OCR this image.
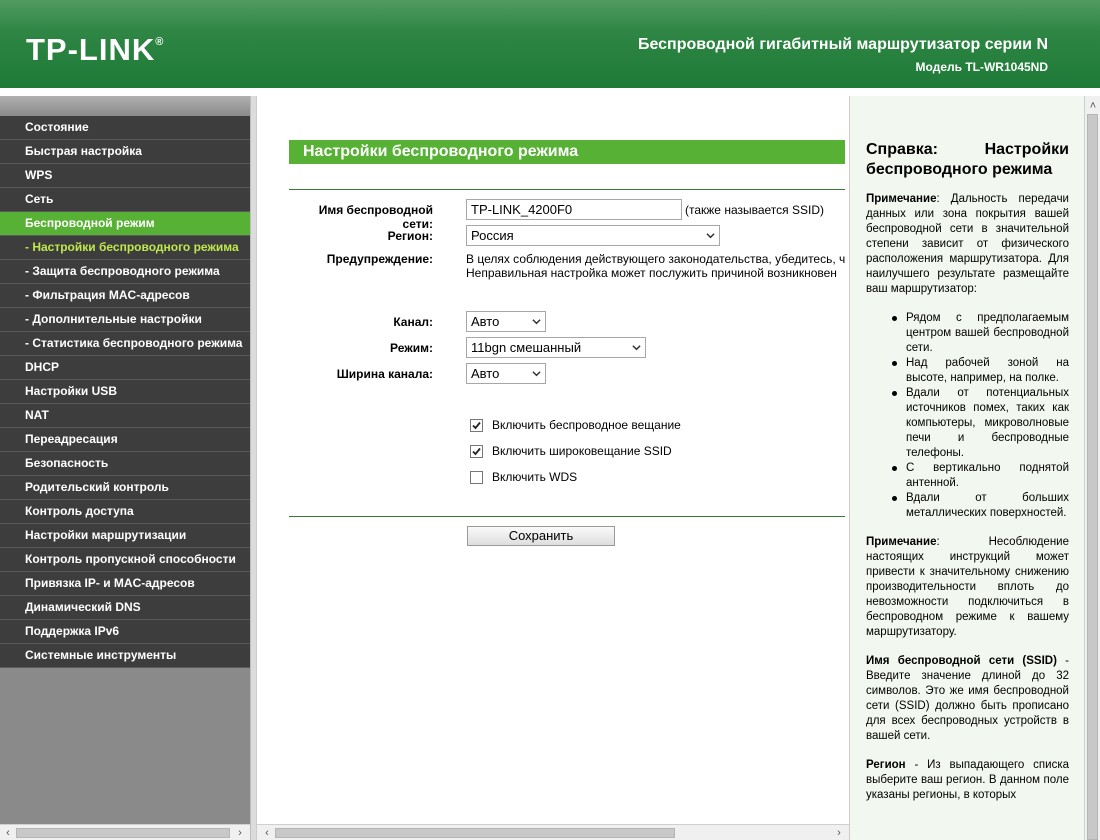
TP-LINK®	Беспроводной гигабитный маршрутизатор серии N
Модель TL-WR1045ND
Состояние
Быстрая настройка
WPS
Сеть
Беспроводной режим
- Настройки беспроводного режима
- Защита беспроводного режима
- Фильтрация MAC-адресов
- Дополнительные настройки
- Статистика беспроводного режима
DHCP
Настройки USB
NAT
Переадресация
Безопасность
Родительский контроль
Контроль доступа
Настройки маршрутизации
Контроль пропускной способности
Привязка IP- и MAC-адресов
Динамический DNS
Поддержка IPv6
Системные инструменты
‹	›
Настройки беспроводного режима
Имя беспроводной сети:
TP-LINK_4200F0	(также называется SSID)
Регион:	Россия
Предупреждение:	В целях соблюдения действующего законодательства, убедитесь, ч
Неправильная настройка может послужить причиной возникновен
Канал:	Авто
Режим:	11bgn смешанный
Ширина канала:	Авто
Включить беспроводное вещание
Включить широковещание SSID
Включить WDS
Сохранить
‹	›
Справка: Настройки беспроводного режима

Примечание: Дальность передачи данных или зона покрытия вашей беспроводной сети в значительной степени зависит от физического расположения маршрутизатора. Для наилучшего результате размещайте ваш маршрутизатор:

Рядом с предполагаемым центром вашей беспроводной сети.
Над рабочей зоной на высоте, например, на полке.
Вдали от потенциальных источников помех, таких как компьютеры, микроволновые печи и беспроводные телефоны.
С вертикально поднятой антенной.
Вдали от больших металлических поверхностей.

Примечание: Несоблюдение настоящих инструкций может привести к значительному снижению производительности вплоть до невозможности подключиться в беспроводном режиме к вашему маршрутизатору.

Имя беспроводной сети (SSID) - Введите значение длиной до 32 символов. Это же имя беспроводной сети (SSID) должно быть прописано для всех беспроводных устройств в вашей сети.

Регион - Из выпадающего списка выберите ваш регион. В данном поле указаны регионы, в которых

˄
